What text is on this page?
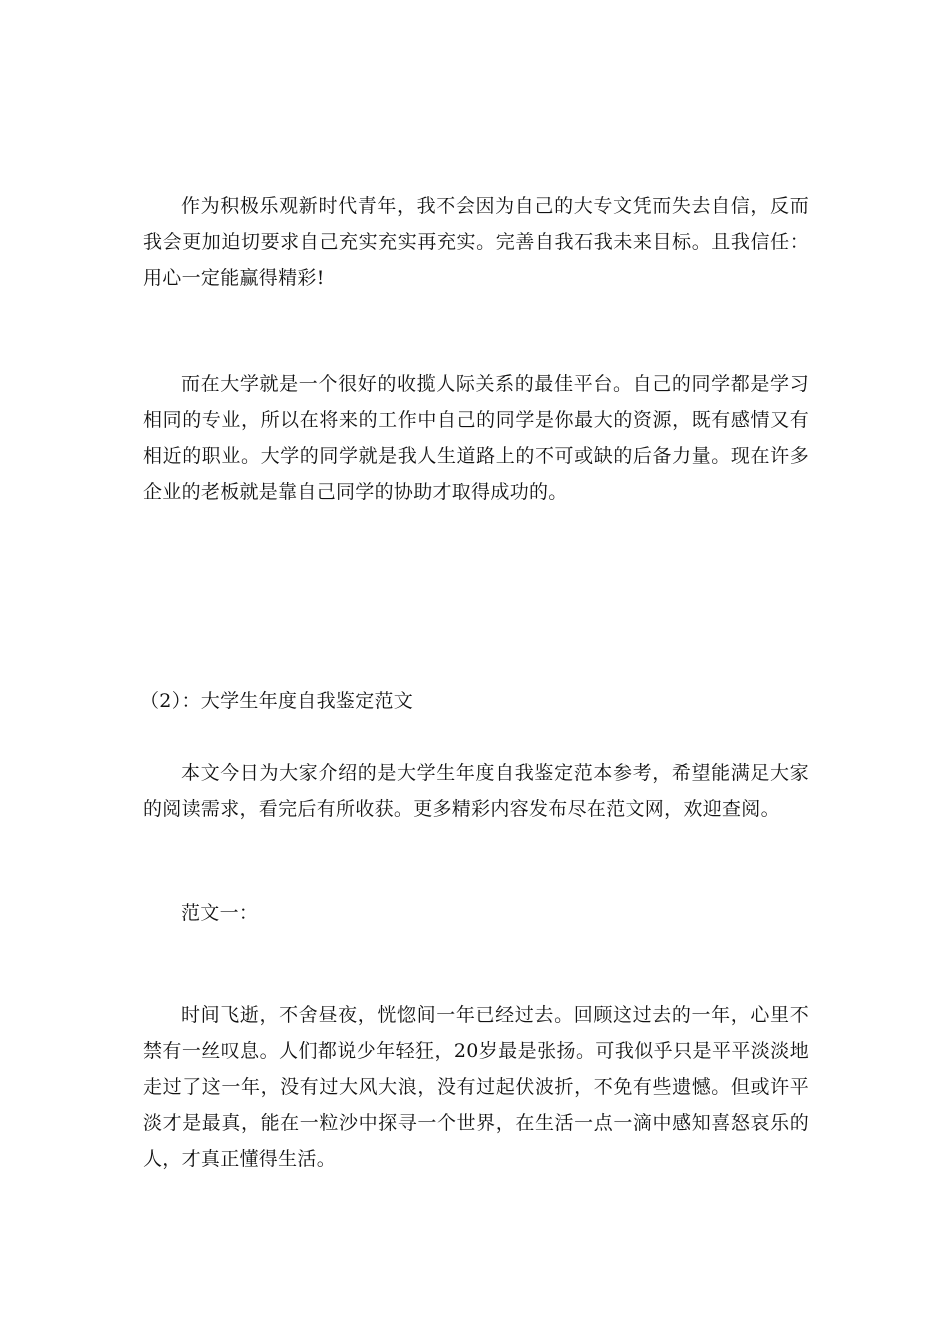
作为积极乐观新时代青年，我不会因为自己的大专文凭而失去自信，反而我会更加迫切要求自己充实充实再充实。完善自我石我未来目标。且我信任：用心一定能赢得精彩!

而在大学就是一个很好的收揽人际关系的最佳平台。自己的同学都是学习相同的专业，所以在将来的工作中自己的同学是你最大的资源，既有感情又有相近的职业。大学的同学就是我人生道路上的不可或缺的后备力量。现在许多企业的老板就是靠自己同学的协助才取得成功的。

（2）：大学生年度自我鉴定范文

本文今日为大家介绍的是大学生年度自我鉴定范本参考，希望能满足大家的阅读需求，看完后有所收获。更多精彩内容发布尽在范文网，欢迎查阅。

范文一：

时间飞逝，不舍昼夜，恍惚间一年已经过去。回顾这过去的一年，心里不禁有一丝叹息。人们都说少年轻狂，20岁最是张扬。可我似乎只是平平淡淡地走过了这一年，没有过大风大浪，没有过起伏波折，不免有些遗憾。但或许平淡才是最真，能在一粒沙中探寻一个世界，在生活一点一滴中感知喜怒哀乐的人，才真正懂得生活。
